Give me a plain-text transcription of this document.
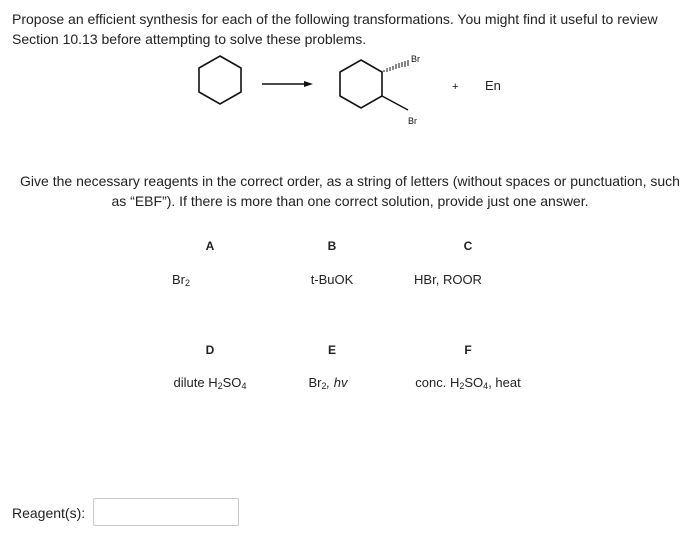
Propose an efficient synthesis for each of the following transformations. You might find it useful to review
Section 10.13 before attempting to solve these problems.
Br
Br
+ En
Give the necessary reagents in the correct order, as a string of letters (without spaces or punctuation, such
as “EBF”). If there is more than one correct solution, provide just one answer.
A
$Br_2$
B
t-BuOK
C
HBr, ROOR
D
dilute $H_2SO_4$
E
$Br_2$, hv
F
conc. $H_2SO_4$, heat
Reagent(s):
